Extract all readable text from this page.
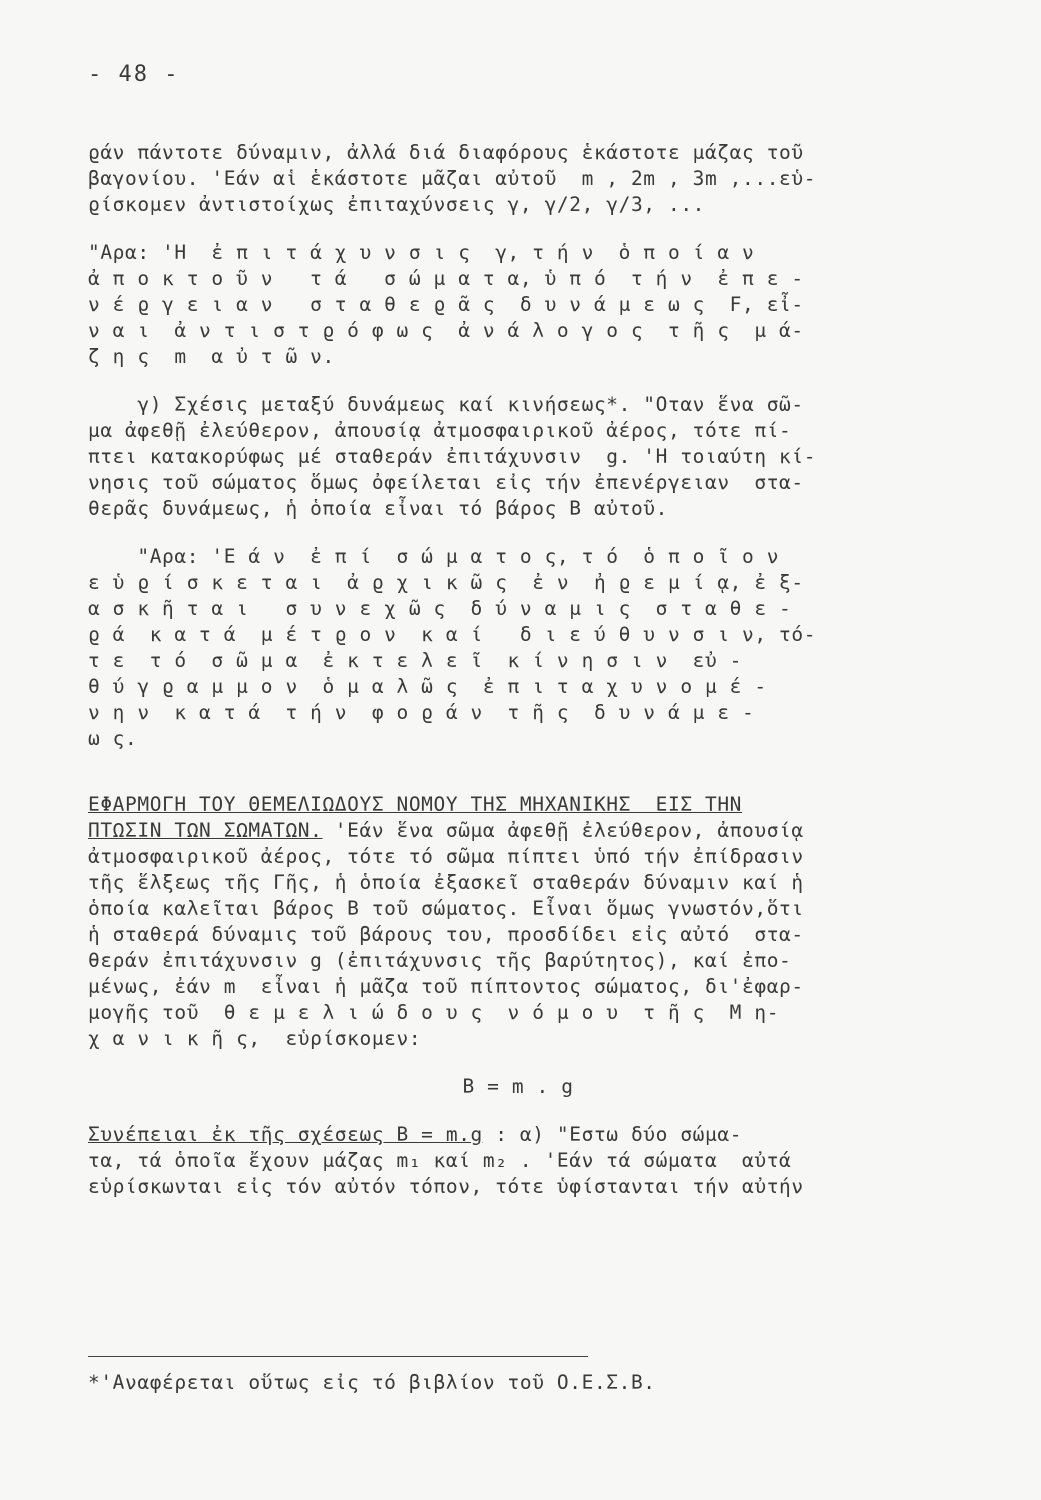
- 48 -
ϱάν πάντοτε δύναμιν, ἀλλά διά διαφόρους ἑκάστοτε μάζας τοῦ
βαγονίου. 'Εάν αἱ ἑκάστοτε μᾶζαι αὐτοῦ  m , 2m , 3m ,...εὑ-
ϱίσκομεν ἀντιστοίχως ἐπιταχύνσεις γ, γ/2, γ/3, ...
"Αρα: 'Η  ἐ π ι τ ά χ υ ν σ ι ς  γ, τ ή ν  ὁ π ο ί α ν
ἀ π ο κ τ ο ῦ ν   τ ά   σ ώ μ α τ α, ὑ π ό  τ ή ν  ἐ π ε -
ν έ ϱ γ ε ι α ν   σ τ α θ ε ϱ ᾶ ς  δ υ ν ά μ ε ω ς  F, εἶ-
ν α ι  ἀ ν τ ι σ τ ϱ ό φ ω ς  ἀ ν ά λ ο γ ο ς  τ ῆ ς  μ ά-
ζ η ς  m  α ὐ τ ῶ ν.
γ) Σχέσις μεταξύ δυνάμεως καί κινήσεως*. "Οταν ἕνα σῶ-
μα ἀφεθῇ ἐλεύθερον, ἀπουσίᾳ ἀτμοσφαιρικοῦ ἀέρος, τότε πί-
πτει κατακορύφως μέ σταθεράν ἐπιτάχυνσιν  g. 'Η τοιαύτη κί-
νησις τοῦ σώματος ὅμως ὀφείλεται εἰς τήν ἐπενέργειαν  στα-
θερᾶς δυνάμεως, ἡ ὁποία εἶναι τό βάρος Β αὐτοῦ.
"Αρα: 'Ε ά ν  ἐ π ί  σ ώ μ α τ ο ς, τ ό  ὁ π ο ῖ ο ν
ε ὑ ϱ ί σ κ ε τ α ι  ἀ ϱ χ ι κ ῶ ς  ἐ ν  ἠ ϱ ε μ ί ᾳ, ἐ ξ-
α σ κ ῆ τ α ι   σ υ ν ε χ ῶ ς  δ ύ ν α μ ι ς  σ τ α θ ε -
ϱ ά  κ α τ ά  μ έ τ ϱ ο ν  κ α ί   δ ι ε ύ θ υ ν σ ι ν, τό-
τ ε  τ ό  σ ῶ μ α  ἐ κ τ ε λ ε ῖ  κ ί ν η σ ι ν  εὐ -
θ ύ γ ϱ α μ μ ο ν  ὁ μ α λ ῶ ς  ἐ π ι τ α χ υ ν ο μ έ -
ν η ν  κ α τ ά  τ ή ν  φ ο ϱ ά ν  τ ῆ ς  δ υ ν ά μ ε -
ω ς.
ΕΦΑΡΜΟΓΗ ΤΟΥ ΘΕΜΕΛΙΩΔΟΥΣ ΝΟΜΟΥ ΤΗΣ ΜΗΧΑΝΙΚΗΣ  ΕΙΣ ΤΗΝ
ΠΤΩΣΙΝ ΤΩΝ ΣΩΜΑΤΩΝ. 'Εάν ἕνα σῶμα ἀφεθῇ ἐλεύθερον, ἀπουσίᾳ
ἀτμοσφαιρικοῦ ἀέρος, τότε τό σῶμα πίπτει ὑπό τήν ἐπίδρασιν
τῆς ἕλξεως τῆς Γῆς, ἡ ὁποία ἐξασκεῖ σταθεράν δύναμιν καί ἡ
ὁποία καλεῖται βάρος Β τοῦ σώματος. Εἶναι ὅμως γνωστόν,ὅτι
ἡ σταθερά δύναμις τοῦ βάρους του, προσδίδει εἰς αὐτό  στα-
θεράν ἐπιτάχυνσιν g (ἐπιτάχυνσις τῆς βαρύτητος), καί ἐπο-
μένως, ἐάν m  εἶναι ἡ μᾶζα τοῦ πίπτοντος σώματος, δι'ἐφαρ-
μογῆς τοῦ  θ ε μ ε λ ι ώ δ ο υ ς  ν ό μ ο υ  τ ῆ ς  Μ η-
χ α ν ι κ ῆ ς,  εὑρίσκομεν:
Β = m . g
Συνέπειαι ἐκ τῆς σχέσεως Β = m.g : α) "Εστω δύο σώμα-
τα, τά ὁποῖα ἔχουν μάζας m₁ καί m₂ . 'Εάν τά σώματα  αὐτά
εὑρίσκωνται εἰς τόν αὐτόν τόπον, τότε ὑφίστανται τήν αὐτήν
*'Αναφέρεται οὕτως εἰς τό βιβλίον τοῦ Ο.Ε.Σ.Β.
